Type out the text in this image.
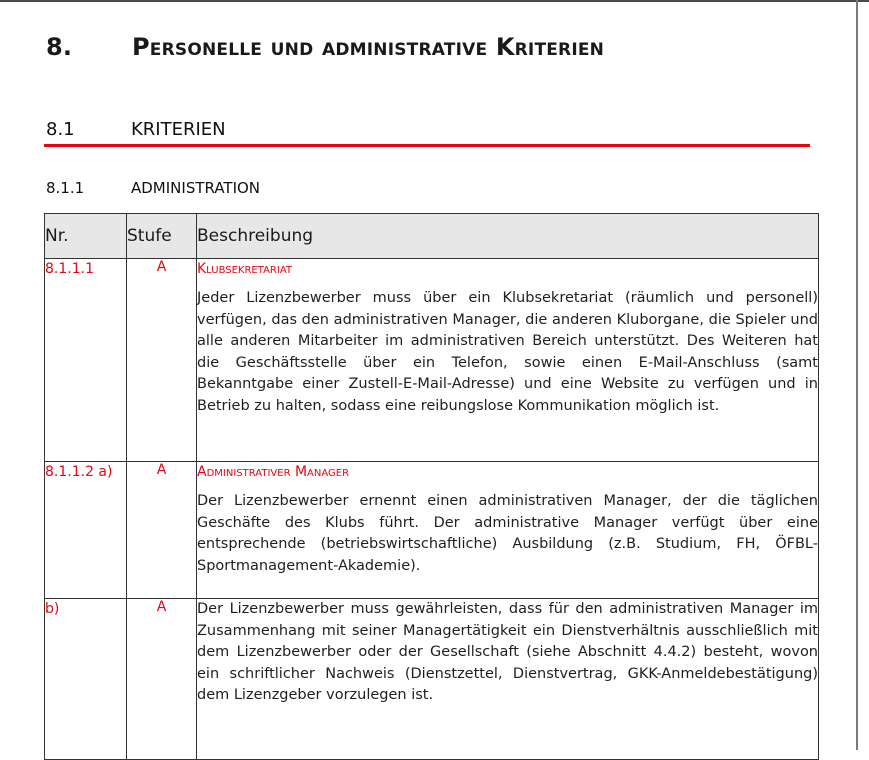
8. Personelle und administrative Kriterien
8.1	KRITERIEN
8.1.1	ADMINISTRATION
Nr.	Stufe	Beschreibung
8.1.1.1	A	Klubsekretariat
Jeder Lizenzbewerber muss über ein Klubsekretariat (räumlich und personell) verfügen, das den administrativen Manager, die anderen Kluborgane, die Spieler und alle anderen Mitarbeiter im administrativen Bereich unterstützt. Des Weiteren hat die Geschäftsstelle über ein Telefon, sowie einen E-Mail-Anschluss (samt Bekanntgabe einer Zustell-E-Mail-Adresse) und eine Website zu verfügen und in Betrieb zu halten, sodass eine reibungslose Kommunikation möglich ist.

8.1.1.2 a)	A	Administrativer Manager
Der Lizenzbewerber ernennt einen administrativen Manager, der die täglichen Geschäfte des Klubs führt. Der administrative Manager verfügt über eine entsprechende (betriebswirtschaftliche) Ausbildung (z.B. Studium, FH, ÖFBL-Sportmanagement-Akademie).

b)	A	Der Lizenzbewerber muss gewährleisten, dass für den administrativen Manager im Zusammenhang mit seiner Managertätigkeit ein Dienstverhältnis ausschließlich mit dem Lizenzbewerber oder der Gesellschaft (siehe Abschnitt 4.4.2) besteht, wovon ein schriftlicher Nachweis (Dienstzettel, Dienstvertrag, GKK-Anmeldebestätigung) dem Lizenzgeber vorzulegen ist.
